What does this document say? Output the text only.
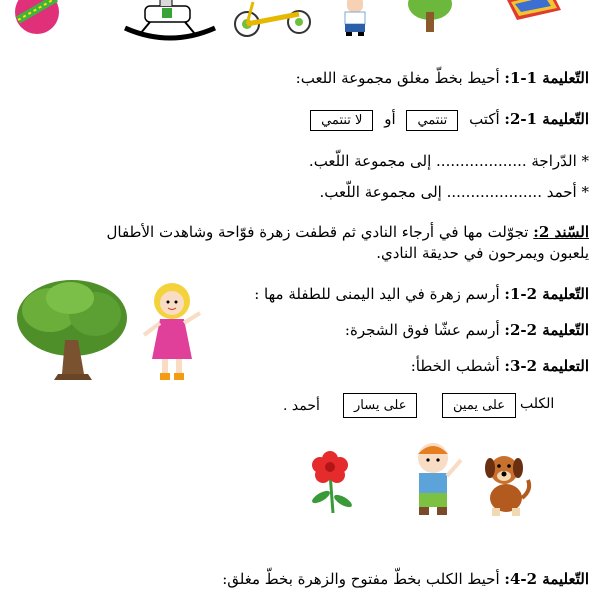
التّعليمة 1-1: أحيط بخطّ مغلق مجموعة اللعب:
التّعليمة 1-2: أكتب تنتمي أو لا تنتمي
* الدّراجة ................... إلى مجموعة اللّعب.
* أحمد .................... إلى مجموعة اللّعب.
السّند 2: تجوّلت مها في أرجاء النادي ثم قطفت زهرة فوّاحة وشاهدت الأطفال
يلعبون ويمرحون في حديقة النادي.
التّعليمة 2-1: أرسم زهرة في اليد اليمنى للطفلة مها :
التّعليمة 2-2: أرسم عشّا فوق الشجرة:
التعليمة 2-3: أشطب الخطأ:
الكلب
على يمين
على يسار
أحمد .
التّعليمة 2-4: أحيط الكلب بخطّ مفتوح والزهرة بخطّ مغلق:
